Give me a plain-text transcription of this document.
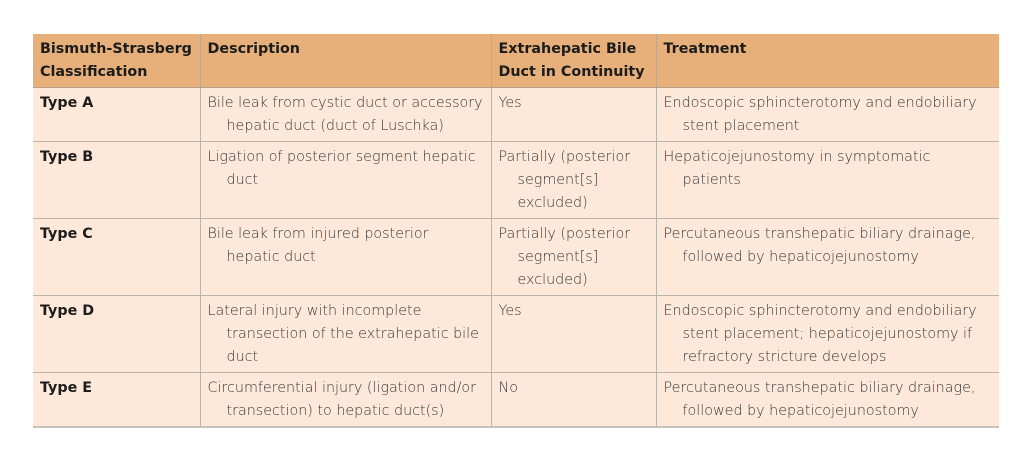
Bismuth-Strasberg Classification	Description	Extrahepatic Bile Duct in Continuity	Treatment
Type A	Bile leak from cystic duct or accessory hepatic duct (duct of Luschka)	Yes	Endoscopic sphincterotomy and endobiliary stent placement

Type B	Ligation of posterior segment hepatic duct	Partially (posterior segment[s] excluded)	Hepaticojejunostomy in symptomatic patients

Type C	Bile leak from injured posterior hepatic duct	Partially (posterior segment[s] excluded)	Percutaneous transhepatic biliary drainage, followed by hepaticojejunostomy

Type D	Lateral injury with incomplete transection of the extrahepatic bile duct	Yes	Endoscopic sphincterotomy and endobiliary stent placement; hepaticojejunostomy if refractory stricture develops

Type E	Circumferential injury (ligation and/or transection) to hepatic duct(s)	No	Percutaneous transhepatic biliary drainage, followed by hepaticojejunostomy
